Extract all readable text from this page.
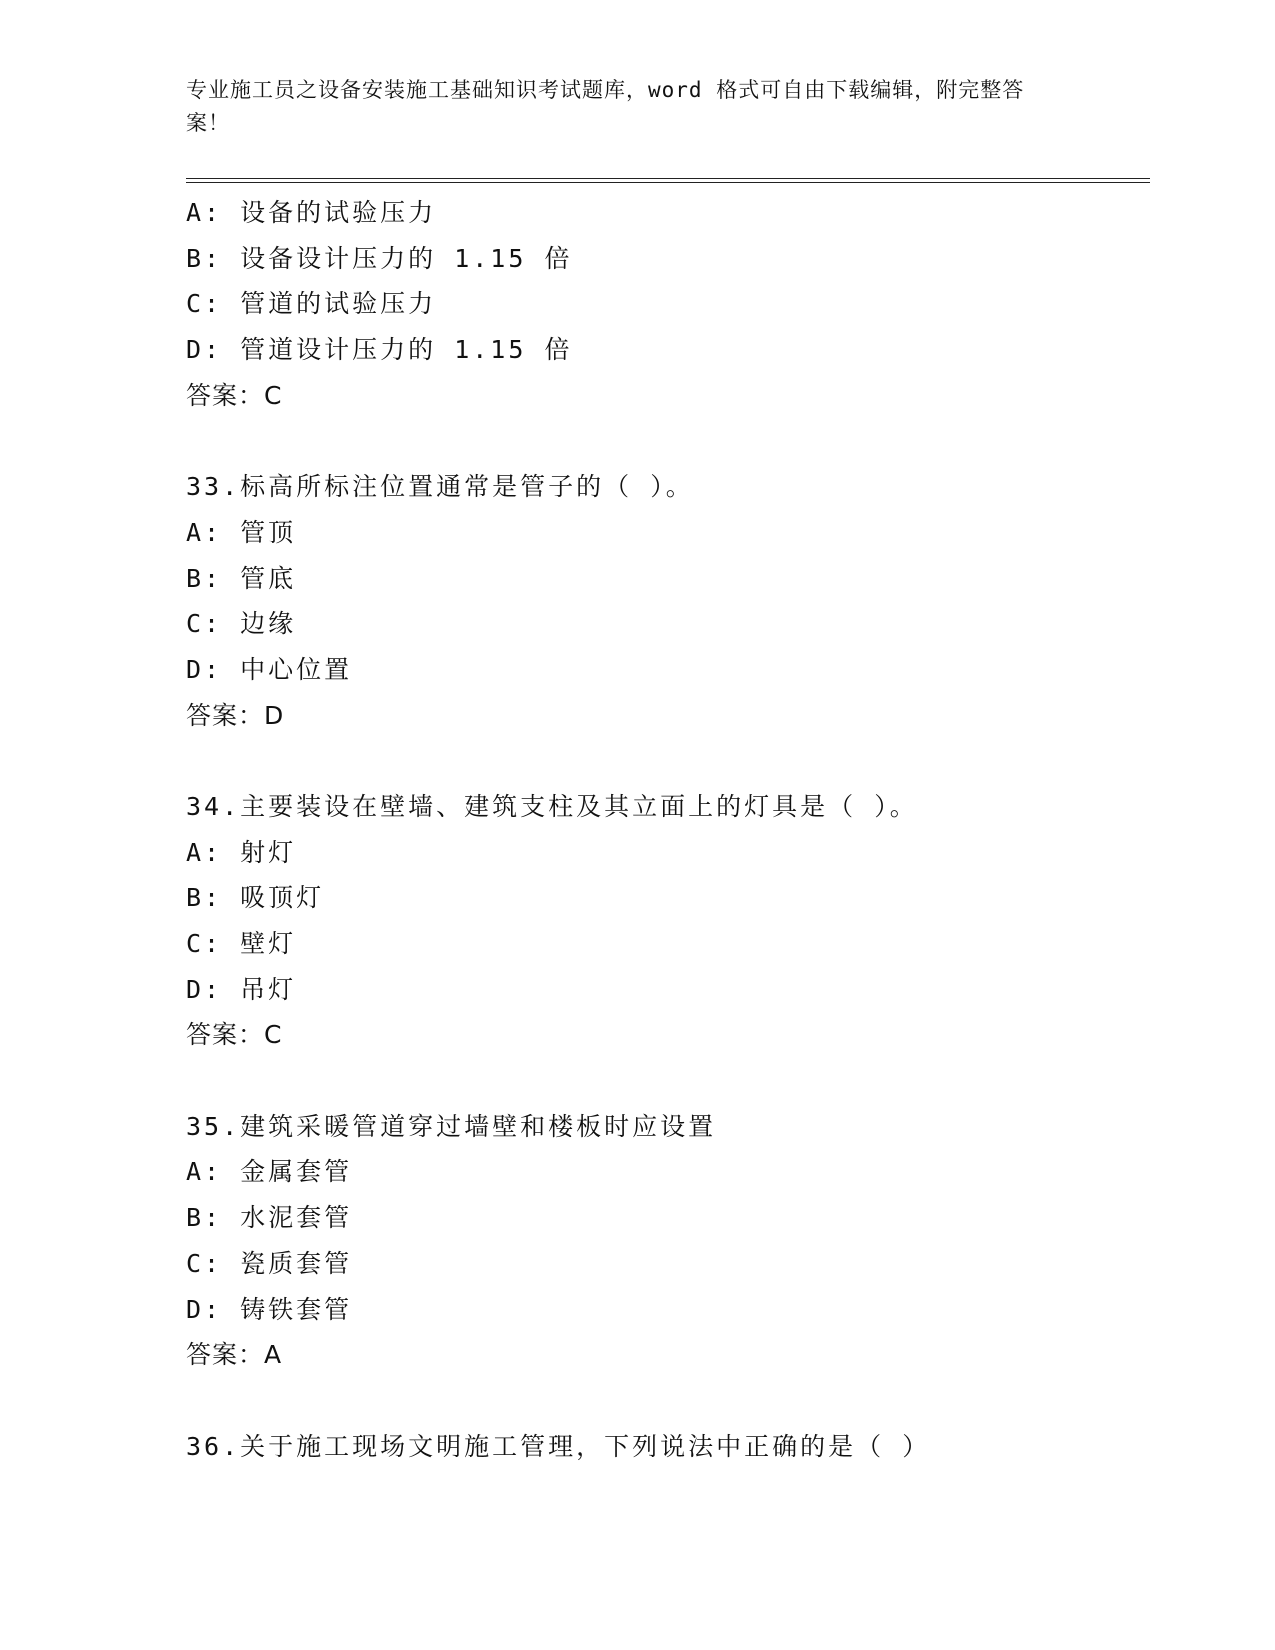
专业施工员之设备安装施工基础知识考试题库，word 格式可自由下载编辑，附完整答案！
A: 设备的试验压力
B: 设备设计压力的 1.15 倍
C: 管道的试验压力
D: 管道设计压力的 1.15 倍
答案：C
33.标高所标注位置通常是管子的（ ）。
A: 管顶
B: 管底
C: 边缘
D: 中心位置
答案：D
34.主要装设在壁墙、建筑支柱及其立面上的灯具是（ ）。
A: 射灯
B: 吸顶灯
C: 壁灯
D: 吊灯
答案：C
35.建筑采暖管道穿过墙壁和楼板时应设置
A: 金属套管
B: 水泥套管
C: 瓷质套管
D: 铸铁套管
答案：A
36.关于施工现场文明施工管理，下列说法中正确的是（ ）
